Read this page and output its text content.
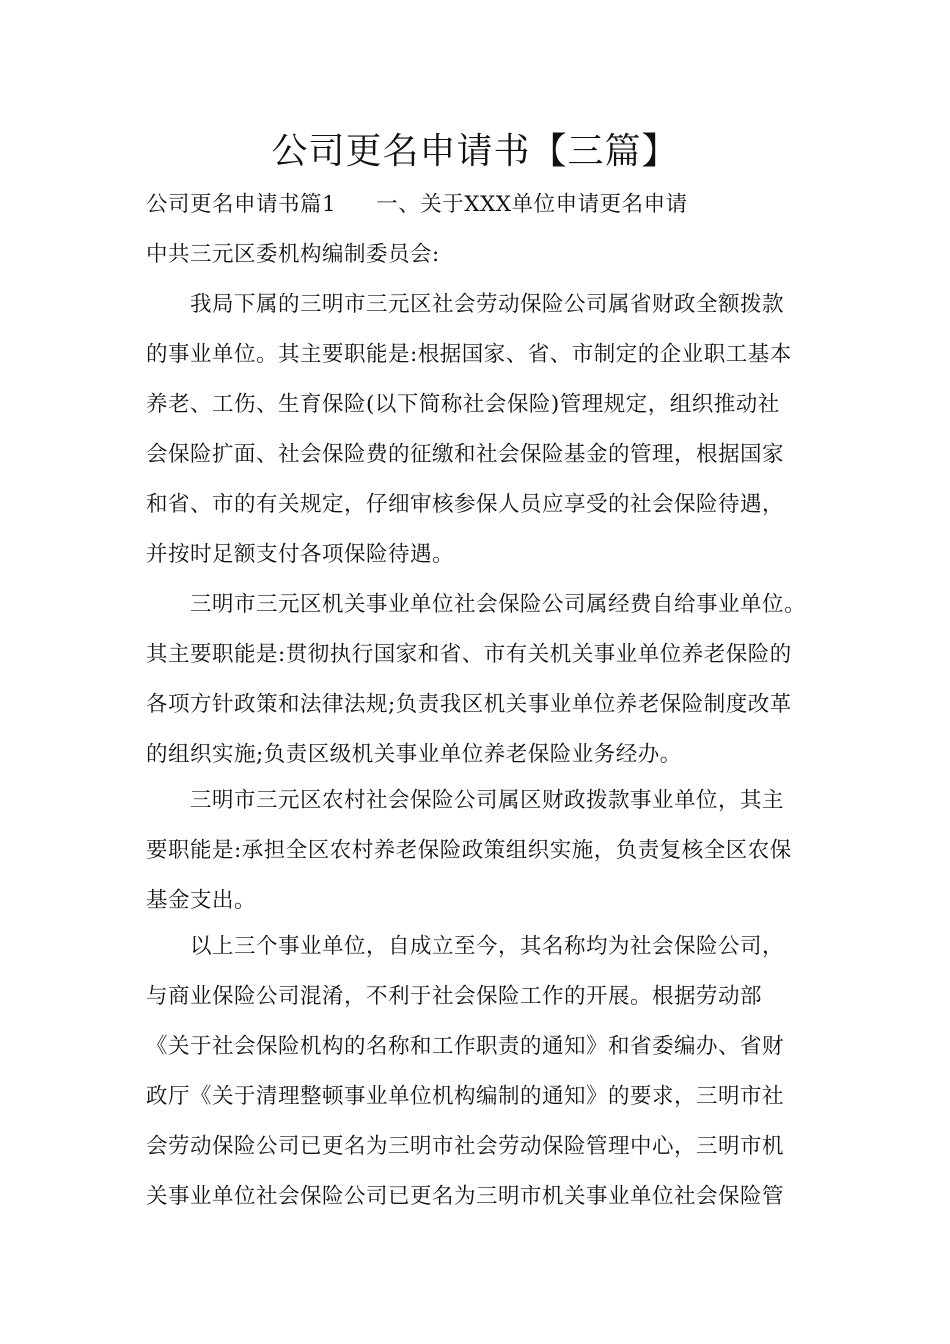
公司更名申请书【三篇】
公司更名申请书篇1 一、关于XXX单位申请更名申请
中共三元区委机构编制委员会:
我局下属的三明市三元区社会劳动保险公司属省财政全额拨款
的事业单位。其主要职能是:根据国家、省、市制定的企业职工基本
养老、工伤、生育保险(以下简称社会保险)管理规定，组织推动社
会保险扩面、社会保险费的征缴和社会保险基金的管理，根据国家
和省、市的有关规定，仔细审核参保人员应享受的社会保险待遇，
并按时足额支付各项保险待遇。
三明市三元区机关事业单位社会保险公司属经费自给事业单位。
其主要职能是:贯彻执行国家和省、市有关机关事业单位养老保险的
各项方针政策和法律法规;负责我区机关事业单位养老保险制度改革
的组织实施;负责区级机关事业单位养老保险业务经办。
三明市三元区农村社会保险公司属区财政拨款事业单位，其主
要职能是:承担全区农村养老保险政策组织实施，负责复核全区农保
基金支出。
以上三个事业单位，自成立至今，其名称均为社会保险公司，
与商业保险公司混淆，不利于社会保险工作的开展。根据劳动部
《关于社会保险机构的名称和工作职责的通知》和省委编办、省财
政厅《关于清理整顿事业单位机构编制的通知》的要求，三明市社
会劳动保险公司已更名为三明市社会劳动保险管理中心，三明市机
关事业单位社会保险公司已更名为三明市机关事业单位社会保险管
